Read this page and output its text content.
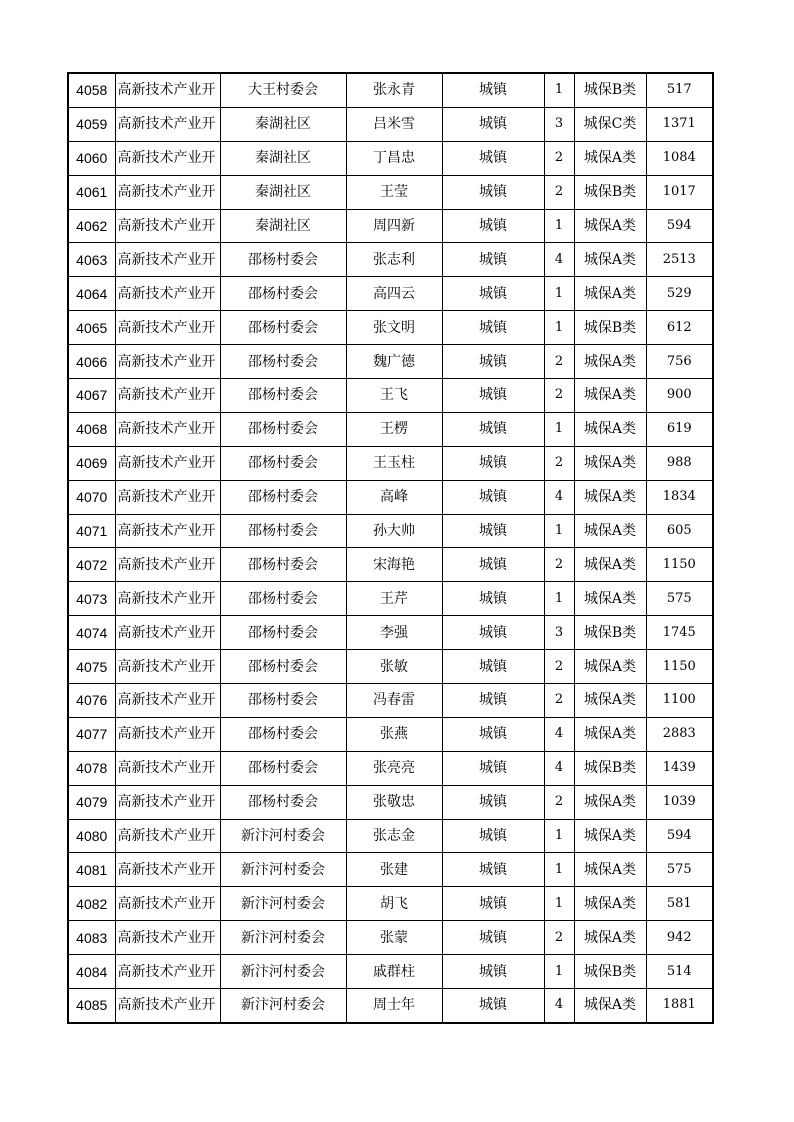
4058	高新技术产业开	大王村委会	张永青	城镇	1	城保B类	517
4059	高新技术产业开	秦湖社区	吕米雪	城镇	3	城保C类	1371
4060	高新技术产业开	秦湖社区	丁昌忠	城镇	2	城保A类	1084
4061	高新技术产业开	秦湖社区	王莹	城镇	2	城保B类	1017
4062	高新技术产业开	秦湖社区	周四新	城镇	1	城保A类	594
4063	高新技术产业开	邵杨村委会	张志利	城镇	4	城保A类	2513
4064	高新技术产业开	邵杨村委会	高四云	城镇	1	城保A类	529
4065	高新技术产业开	邵杨村委会	张文明	城镇	1	城保B类	612
4066	高新技术产业开	邵杨村委会	魏广德	城镇	2	城保A类	756
4067	高新技术产业开	邵杨村委会	王飞	城镇	2	城保A类	900
4068	高新技术产业开	邵杨村委会	王楞	城镇	1	城保A类	619
4069	高新技术产业开	邵杨村委会	王玉柱	城镇	2	城保A类	988
4070	高新技术产业开	邵杨村委会	高峰	城镇	4	城保A类	1834
4071	高新技术产业开	邵杨村委会	孙大帅	城镇	1	城保A类	605
4072	高新技术产业开	邵杨村委会	宋海艳	城镇	2	城保A类	1150
4073	高新技术产业开	邵杨村委会	王芹	城镇	1	城保A类	575
4074	高新技术产业开	邵杨村委会	李强	城镇	3	城保B类	1745
4075	高新技术产业开	邵杨村委会	张敏	城镇	2	城保A类	1150
4076	高新技术产业开	邵杨村委会	冯春雷	城镇	2	城保A类	1100
4077	高新技术产业开	邵杨村委会	张燕	城镇	4	城保A类	2883
4078	高新技术产业开	邵杨村委会	张亮亮	城镇	4	城保B类	1439
4079	高新技术产业开	邵杨村委会	张敬忠	城镇	2	城保A类	1039
4080	高新技术产业开	新汴河村委会	张志金	城镇	1	城保A类	594
4081	高新技术产业开	新汴河村委会	张建	城镇	1	城保A类	575
4082	高新技术产业开	新汴河村委会	胡飞	城镇	1	城保A类	581
4083	高新技术产业开	新汴河村委会	张蒙	城镇	2	城保A类	942
4084	高新技术产业开	新汴河村委会	戚群柱	城镇	1	城保B类	514
4085	高新技术产业开	新汴河村委会	周士年	城镇	4	城保A类	1881
